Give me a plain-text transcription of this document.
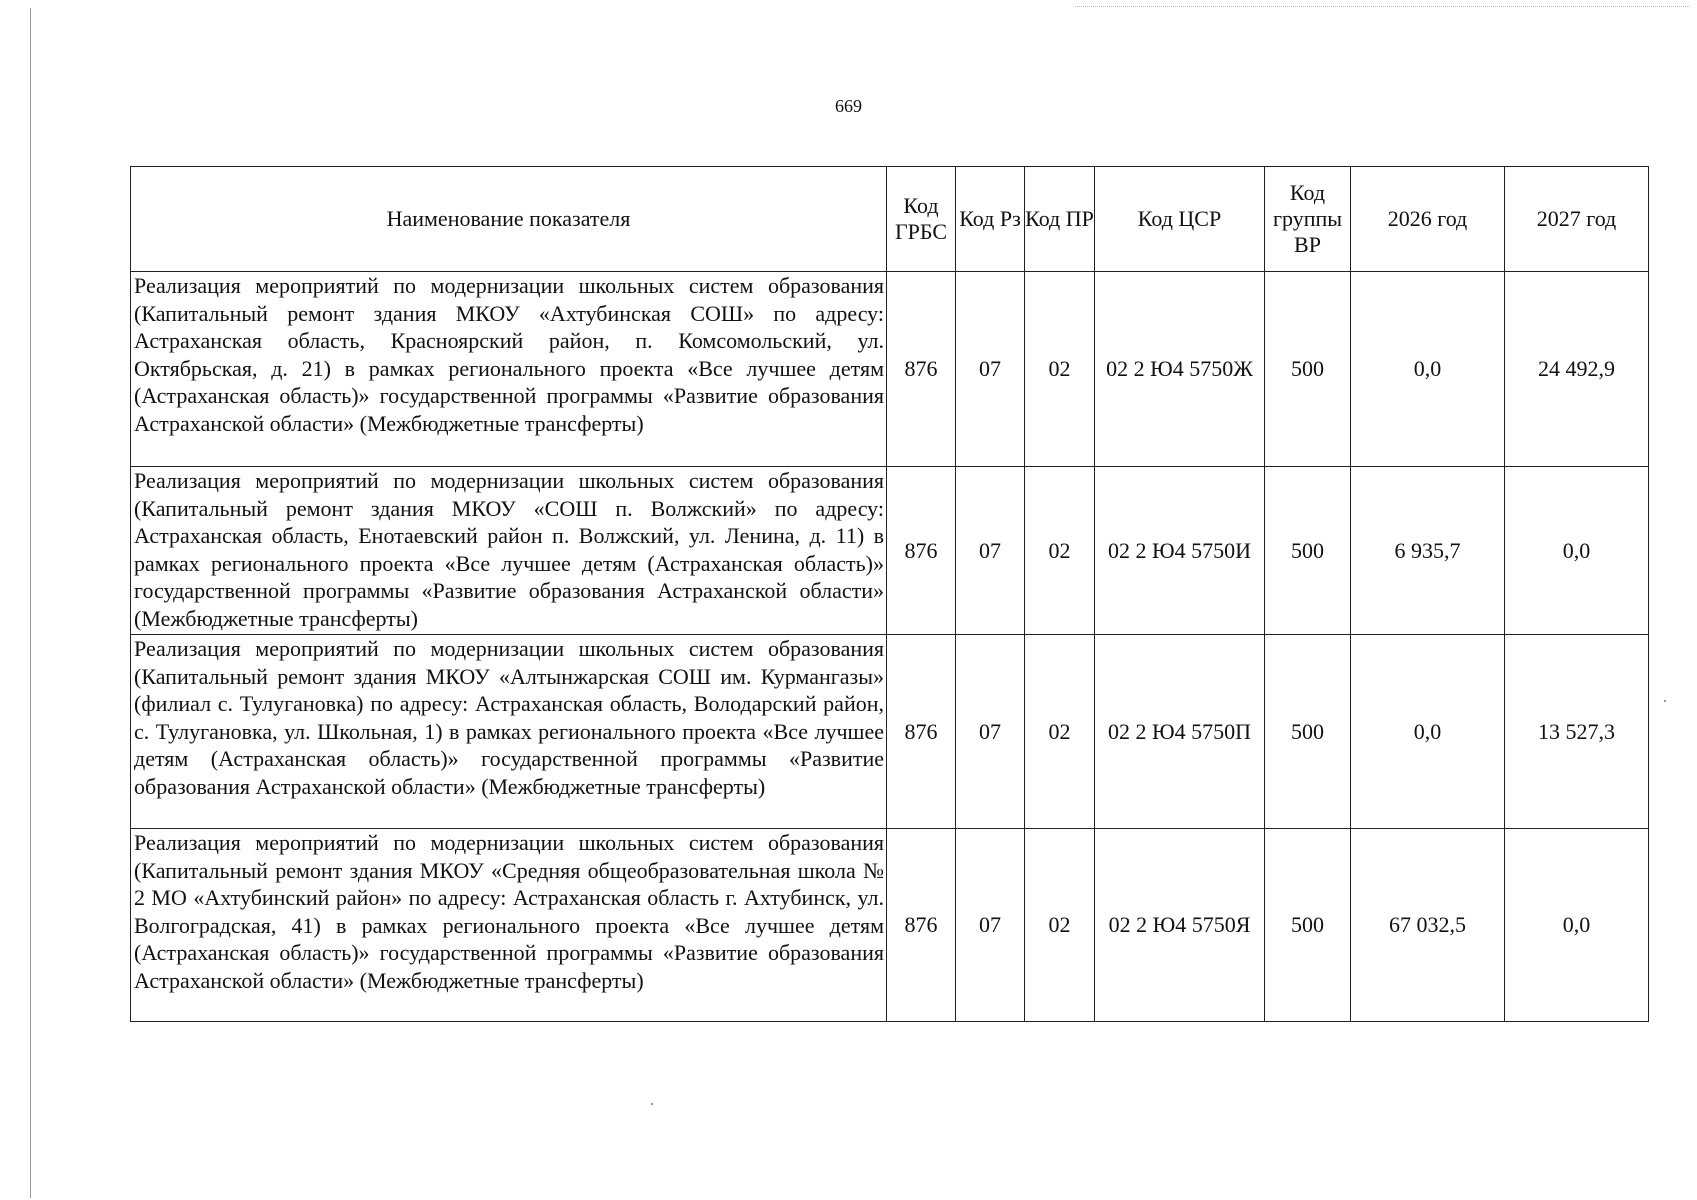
669
Наименование показателя	Код ГРБС	Код Рз	Код ПР	Код ЦСР	Код группы ВР	2026 год	2027 год
Реализация мероприятий по модернизации школьных систем образования (Капитальный ремонт здания МКОУ «Ахтубинская СОШ» по адресу: Астраханская область, Красноярский район, п. Комсомольский, ул. Октябрьская, д. 21) в рамках регионального проекта «Все лучшее детям (Астраханская область)» государственной программы «Развитие образования Астраханской области» (Межбюджетные трансферты)	876	07	02	02 2 Ю4 5750Ж	500	0,0	24 492,9
Реализация мероприятий по модернизации школьных систем образования (Капитальный ремонт здания МКОУ «СОШ п. Волжский» по адресу: Астраханская область, Енотаевский район п. Волжский, ул. Ленина, д. 11) в рамках регионального проекта «Все лучшее детям (Астраханская область)» государственной программы «Развитие образования Астраханской области» (Межбюджетные трансферты)	876	07	02	02 2 Ю4 5750И	500	6 935,7	0,0
Реализация мероприятий по модернизации школьных систем образования (Капитальный ремонт здания МКОУ «Алтынжарская СОШ им. Курмангазы» (филиал с. Тулугановка) по адресу: Астраханская область, Володарский район, с. Тулугановка, ул. Школьная, 1) в рамках регионального проекта «Все лучшее детям (Астраханская область)» государственной программы «Развитие образования Астраханской области» (Межбюджетные трансферты)	876	07	02	02 2 Ю4 5750П	500	0,0	13 527,3
Реализация мероприятий по модернизации школьных систем образования (Капитальный ремонт здания МКОУ «Средняя общеобразовательная школа № 2 МО «Ахтубинский район» по адресу: Астраханская область г. Ахтубинск, ул. Волгоградская, 41) в рамках регионального проекта «Все лучшее детям (Астраханская область)» государственной программы «Развитие образования Астраханской области» (Межбюджетные трансферты)	876	07	02	02 2 Ю4 5750Я	500	67 032,5	0,0
